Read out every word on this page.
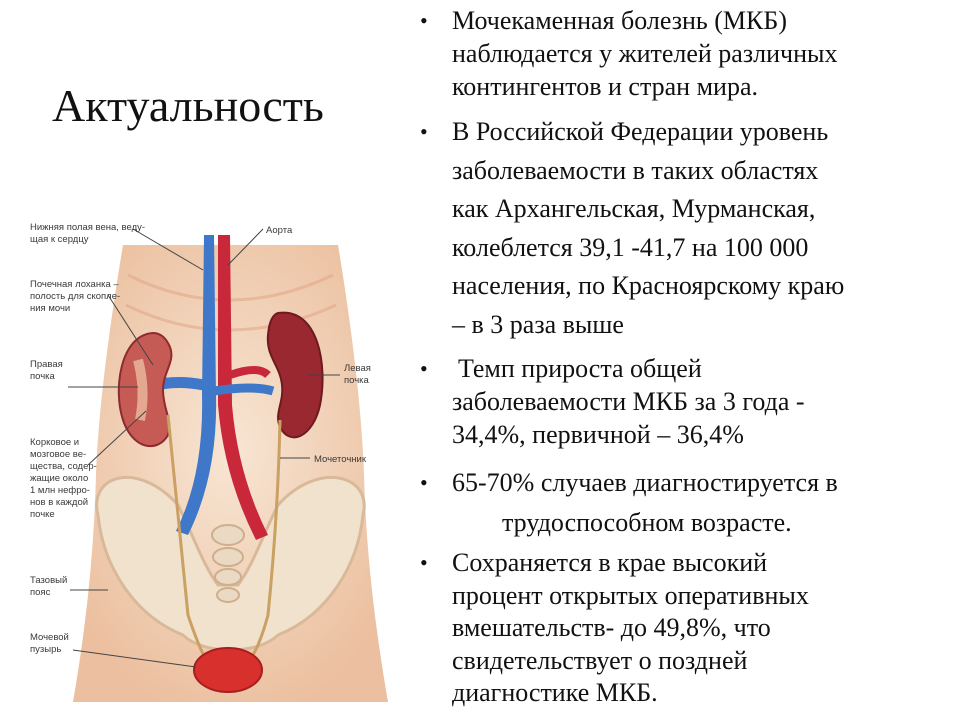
Актуальность
Нижняя полая вена, веду- щая к сердцу
Аорта
Почечная лоханка – полость для скопле- ния мочи
Правая почка
Левая почка
Корковое и мозговое ве- щества, содер- жащие около 1 млн нефро- нов в каждой почке
Мочеточник
Тазовый пояс
Мочевой пузырь
• Мочекаменная болезнь (МКБ)
наблюдается у жителей различных
контингентов и стран мира.
• В Российской Федерации уровень
заболеваемости в таких областях
как Архангельская, Мурманская,
колеблется 39,1 -41,7 на 100 000
населения, по Красноярскому краю
– в 3 раза выше
• Темп прироста общей
заболеваемости МКБ за 3 года -
34,4%, первичной – 36,4%
• 65-70% случаев диагностируется в
трудоспособном возрасте.
• Сохраняется в крае высокий
процент открытых оперативных
вмешательств- до 49,8%, что
свидетельствует о поздней
диагностике МКБ.
